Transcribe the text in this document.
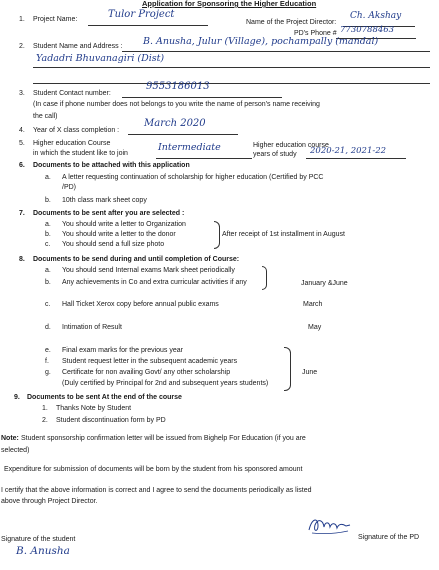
Application for Sponsoring the Higher Education
1. Project Name:	Tulor Project
Name of the Project Director:
Ch. Akshay
PD's Phone # 7730788463
2. Student Name and Address : B. Anusha, Julur (Village), pochampally (mandal)
Yadadri Bhuvanagiri (Dist)
3. Student Contact number:
9553186013
(In case if phone number does not belongs to you write the name of person's name receiving
the call)
4. Year of X class completion :
March 2020
5. Higher education Course
in which the student like to join
Intermediate	Higher education course
years of study 2020-21, 2021-22
6. Documents to be attached with this application
a. A letter requesting continuation of scholarship for higher education (Certified by PCC
/PD)
b. 10th class mark sheet copy
7. Documents to be sent after you are selected :
a. You should write a letter to Organization
b. You should write a letter to the donor
c. You should send a full size photo
After receipt of 1st installment in August
8. Documents to be send during and until completion of Course:
a. You should send Internal exams Mark sheet periodically
b. Any achievements in Co and extra curricular activities if any	January &June
c. Hall Ticket Xerox copy before annual public exams	March
d. Intimation of Result	May
e. Final exam marks for the previous year
f. Student request letter in the subsequent academic years
g. Certificate for non availing Govt/ any other scholarship
(Duly certified by Principal for 2nd and subsequent years students)
June
9. Documents to be sent At the end of the course
1. Thanks Note by Student
2. Student discontinuation form by PD
Note: Student sponsorship confirmation letter will be issued from Bighelp For Education (if you are
selected)
Expenditure for submission of documents will be born by the student from his sponsored amount
I certify that the above information is correct and I agree to send the documents periodically as listed
above through Project Director.
Signature of the student
B. Anusha
Signature of the PD
